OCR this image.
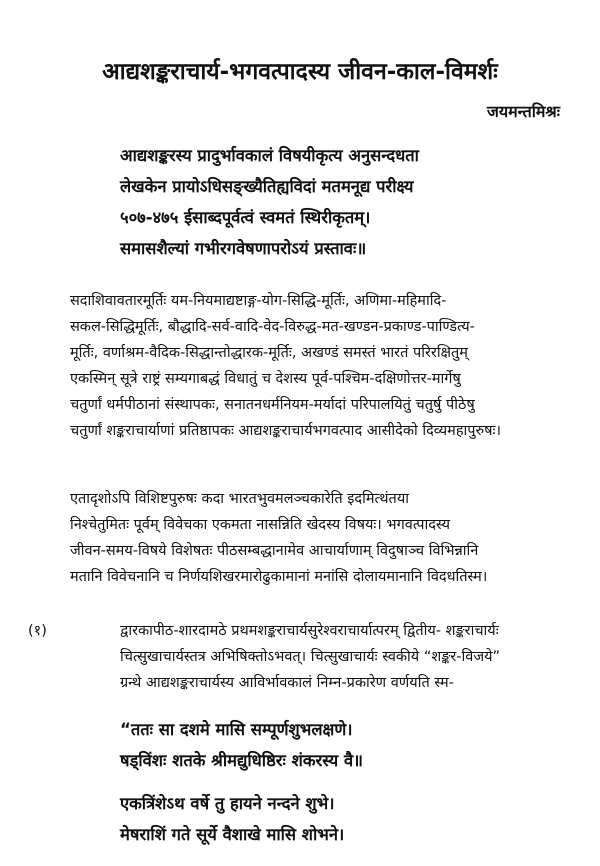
आद्यशङ्कराचार्य-भगवत्पादस्य जीवन-काल-विमर्शः
जयमन्तमिश्रः
आद्यशङ्करस्य प्रादुर्भावकालं विषयीकृत्य अनुसन्दधता
लेखकेन प्रायोऽधिसङ्ख्यैतिह्यविदां मतमनूद्य परीक्ष्य
५०७-४७५ ईसाब्दपूर्वत्वं स्वमतं स्थिरीकृतम्।
समासशैल्यां गभीरगवेषणापरोऽयं प्रस्तावः॥
सदाशिवावतारमूर्तिः यम-नियमाद्यष्टाङ्ग-योग-सिद्धि-मूर्तिः, अणिमा-महिमादि-
सकल-सिद्धिमूर्तिः, बौद्धादि-सर्व-वादि-वेद-विरुद्ध-मत-खण्डन-प्रकाण्ड-पाण्डित्य-
मूर्तिः, वर्णाश्रम-वैदिक-सिद्धान्तोद्धारक-मूर्तिः, अखण्डं समस्तं भारतं परिरक्षितुम्
एकस्मिन् सूत्रे राष्ट्रं सम्यगाबद्धं विधातुं च देशस्य पूर्व-पश्चिम-दक्षिणोत्तर-मार्गेषु
चतुर्णां धर्मपीठानां संस्थापकः, सनातनधर्मनियम-मर्यादां परिपालयितुं चतुर्षु पीठेषु
चतुर्णां शङ्कराचार्याणां प्रतिष्ठापकः आद्यशङ्कराचार्यभगवत्पाद आसीदेको दिव्यमहापुरुषः।
एतादृशोऽपि विशिष्टपुरुषः कदा भारतभुवमलञ्चकारेति इदमित्थंतया
निश्चेतुमितः पूर्वम् विवेचका एकमता नासन्निति खेदस्य विषयः। भगवत्पादस्य
जीवन-समय-विषये विशेषतः पीठसम्बद्धानामेव आचार्याणाम् विदुषाञ्च विभिन्नानि
मतानि विवेचनानि च निर्णयशिखरमारोढुकामानां मनांसि दोलायमानानि विदधतिस्म।
(१)	द्वारकापीठ-शारदामठे प्रथमशङ्कराचार्यसुरेश्वराचार्यात्परम् द्वितीय- शङ्कराचार्यः
चित्सुखाचार्यस्तत्र अभिषिक्तोऽभवत्। चित्सुखाचार्यः स्वकीये “शङ्कर-विजये”
ग्रन्थे आद्यशङ्कराचार्यस्य आविर्भावकालं निम्न-प्रकारेण वर्णयति स्म-
“ततः सा दशमे मासि सम्पूर्णशुभलक्षणे।
षड्विंशः शतके श्रीमद्युधिष्ठिरः शंकरस्य वै॥
एकत्रिंशेऽथ वर्षे तु हायने नन्दने शुभे।
मेषराशिं गते सूर्ये वैशाखे मासि शोभने।
